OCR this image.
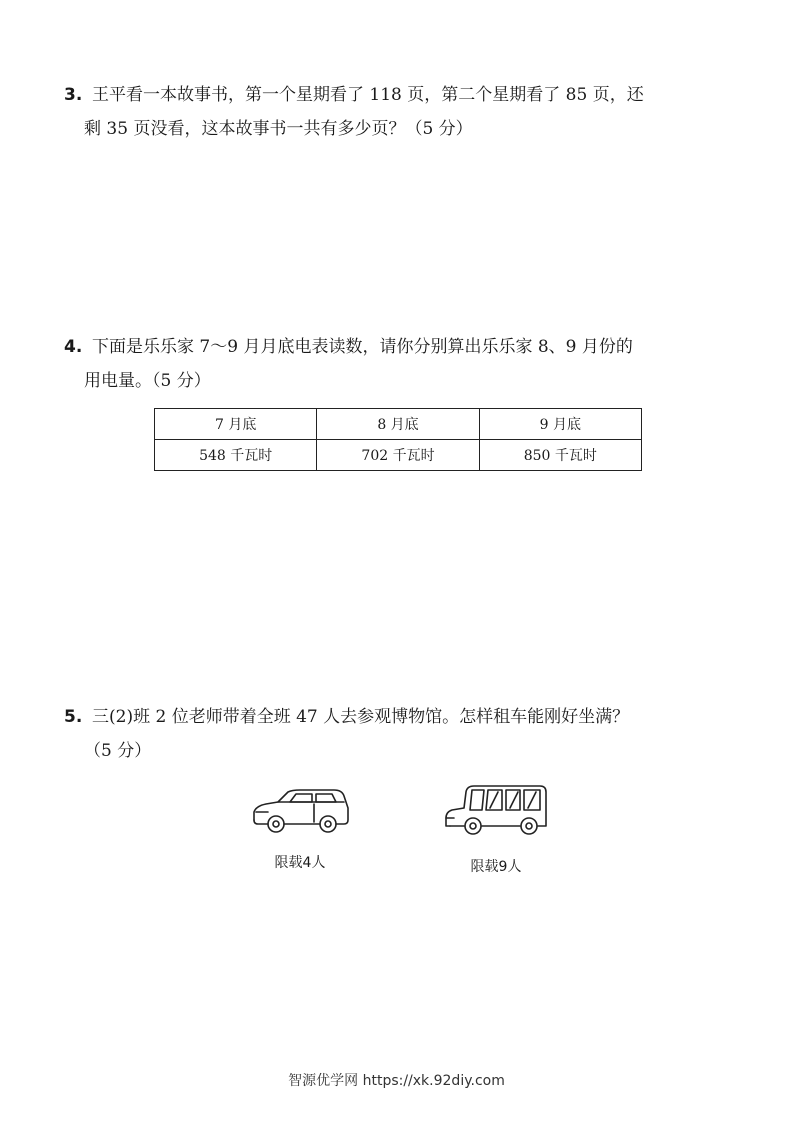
3. 王平看一本故事书，第一个星期看了 118 页，第二个星期看了 85 页，还
剩 35 页没看，这本故事书一共有多少页？（5 分）
4. 下面是乐乐家 7～9 月月底电表读数，请你分别算出乐乐家 8、9 月份的
用电量。（5 分）
7 月底	8 月底	9 月底
548 千瓦时	702 千瓦时	850 千瓦时
5. 三(2)班 2 位老师带着全班 47 人去参观博物馆。怎样租车能刚好坐满？
（5 分）
限载4人	限载9人
智源优学网 https://xk.92diy.com
